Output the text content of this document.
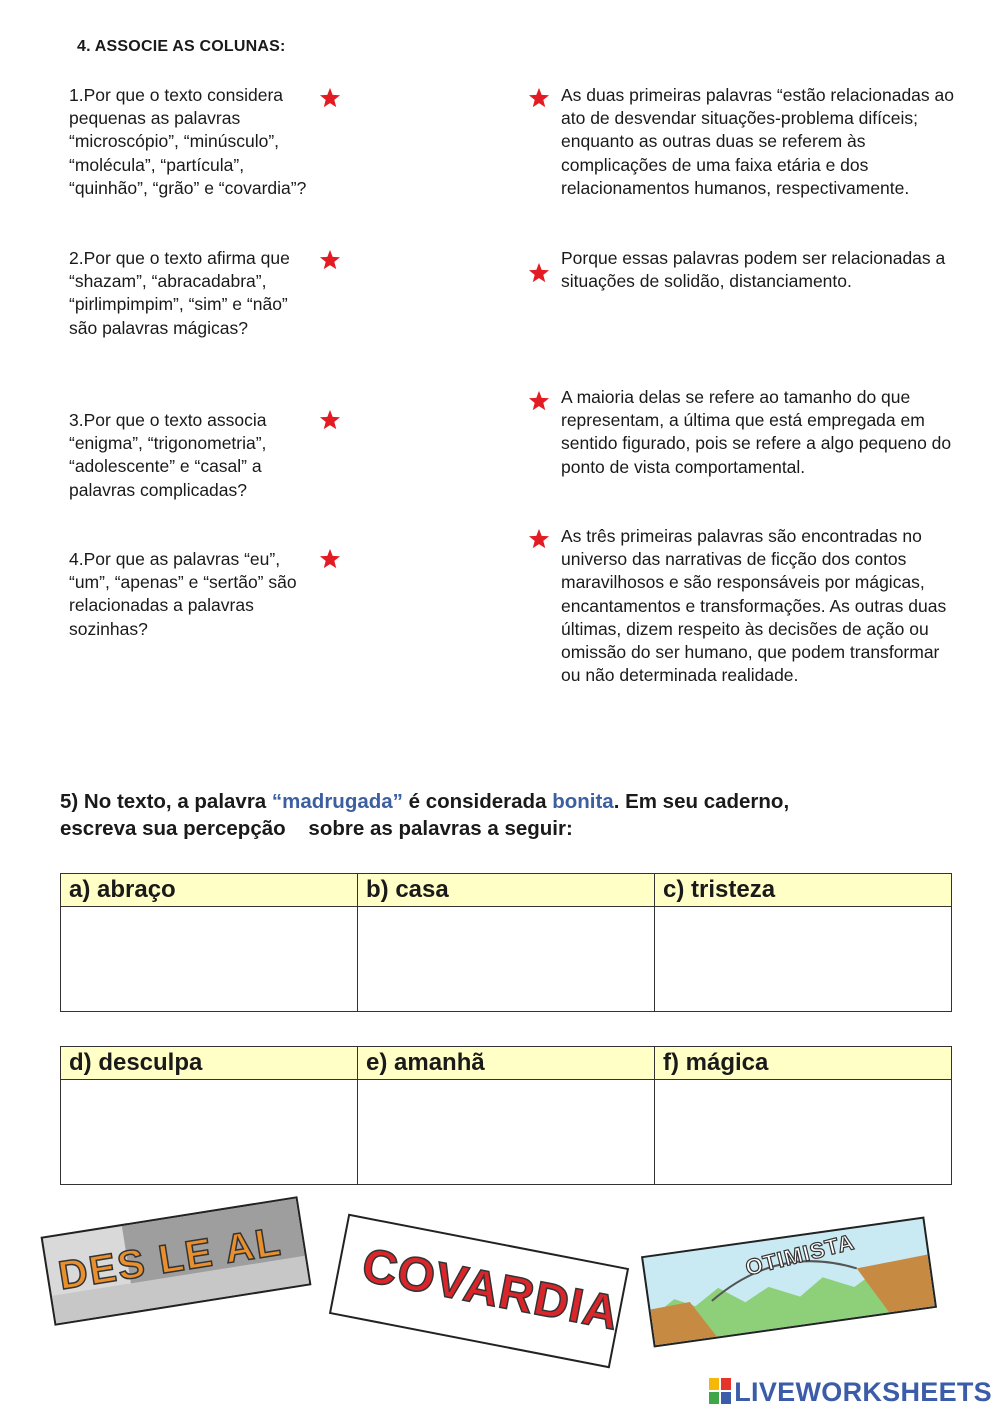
4. ASSOCIE AS COLUNAS:
1.Por que o texto considera pequenas as palavras “microscópio”, “minúsculo”, “molécula”, “partícula”, “quinhão”, “grão” e “covardia”?
2.Por que o texto afirma que “shazam”, “abracadabra”, “pirlimpimpim”, “sim” e “não” são palavras mágicas?
3.Por que o texto associa “enigma”, “trigonometria”, “adolescente” e “casal” a palavras complicadas?
4.Por que as palavras “eu”, “um”, “apenas” e “sertão” são relacionadas a palavras sozinhas?
As duas primeiras palavras “estão relacionadas ao ato de desvendar situações-problema difíceis; enquanto as outras duas se referem às complicações de uma faixa etária e dos relacionamentos humanos, respectivamente.
Porque essas palavras podem ser relacionadas a situações de solidão, distanciamento.
A maioria delas se refere ao tamanho do que representam, a última que está empregada em sentido figurado, pois se refere a algo pequeno do ponto de vista comportamental.
As três primeiras palavras são encontradas no universo das narrativas de ficção dos contos maravilhosos e são responsáveis por mágicas, encantamentos e transformações. As outras duas últimas, dizem respeito às decisões de ação ou omissão do ser humano, que podem transformar ou não determinada realidade.
5) No texto, a palavra “madrugada” é considerada bonita. Em seu caderno,
escreva sua percepção    sobre as palavras a seguir:
a) abraço	b) casa	c) tristeza

d) desculpa	e) amanhã	f) mágica

DES LE AL COVARDIA	OTIMISTA
LIVEWORKSHEETS
